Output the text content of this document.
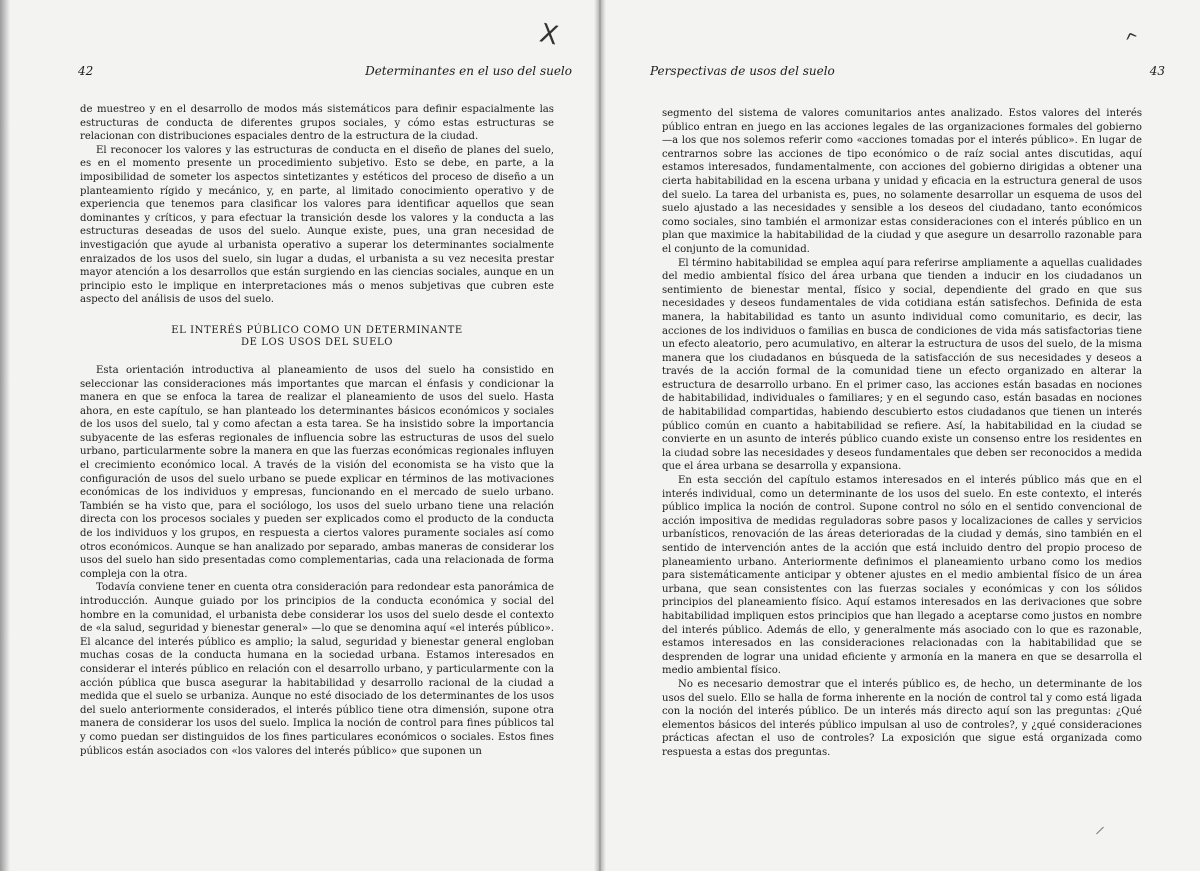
X	^
42	Determinantes en el uso del suelo

de muestreo y en el desarrollo de modos más sistemáticos para definir espacialmente las estructuras de conducta de diferentes grupos sociales, y cómo estas estructuras se relacionan con distribuciones espaciales dentro de la estructura de la ciudad.

El reconocer los valores y las estructuras de conducta en el diseño de planes del suelo, es en el momento presente un procedimiento subjetivo. Esto se debe, en parte, a la imposibilidad de someter los aspectos sintetizantes y estéticos del proceso de diseño a un planteamiento rígido y mecánico, y, en parte, al limitado conocimiento operativo y de experiencia que tenemos para clasificar los valores para identificar aquellos que sean dominantes y críticos, y para efectuar la transición desde los valores y la conducta a las estructuras deseadas de usos del suelo. Aunque existe, pues, una gran necesidad de investigación que ayude al urbanista operativo a superar los determinantes socialmente enraizados de los usos del suelo, sin lugar a dudas, el urbanista a su vez necesita prestar mayor atención a los desarrollos que están surgiendo en las ciencias sociales, aunque en un principio esto le implique en interpretaciones más o menos subjetivas que cubren este aspecto del análisis de usos del suelo.

EL INTERÉS PÚBLICO COMO UN DETERMINANTE
DE LOS USOS DEL SUELO

Esta orientación introductiva al planeamiento de usos del suelo ha consistido en seleccionar las consideraciones más importantes que marcan el énfasis y condicionar la manera en que se enfoca la tarea de realizar el planeamiento de usos del suelo. Hasta ahora, en este capítulo, se han planteado los determinantes básicos económicos y sociales de los usos del suelo, tal y como afectan a esta tarea. Se ha insistido sobre la importancia subyacente de las esferas regionales de influencia sobre las estructuras de usos del suelo urbano, particularmente sobre la manera en que las fuerzas económicas regionales influyen el crecimiento económico local. A través de la visión del economista se ha visto que la configuración de usos del suelo urbano se puede explicar en términos de las motivaciones económicas de los individuos y empresas, funcionando en el mercado de suelo urbano. También se ha visto que, para el sociólogo, los usos del suelo urbano tiene una relación directa con los procesos sociales y pueden ser explicados como el producto de la conducta de los individuos y los grupos, en respuesta a ciertos valores puramente sociales así como otros económicos. Aunque se han analizado por separado, ambas maneras de considerar los usos del suelo han sido presentadas como complementarias, cada una relacionada de forma compleja con la otra.

Todavía conviene tener en cuenta otra consideración para redondear esta panorámica de introducción. Aunque guiado por los principios de la conducta económica y social del hombre en la comunidad, el urbanista debe considerar los usos del suelo desde el contexto de «la salud, seguridad y bienestar general» —lo que se denomina aquí «el interés público». El alcance del interés público es amplio; la salud, seguridad y bienestar general engloban muchas cosas de la conducta humana en la sociedad urbana. Estamos interesados en considerar el interés público en relación con el desarrollo urbano, y particularmente con la acción pública que busca asegurar la habitabilidad y desarrollo racional de la ciudad a medida que el suelo se urbaniza. Aunque no esté disociado de los determinantes de los usos del suelo anteriormente considerados, el interés público tiene otra dimensión, supone otra manera de considerar los usos del suelo. Implica la noción de control para fines públicos tal y como puedan ser distinguidos de los fines particulares económicos o sociales. Estos fines públicos están asociados con «los valores del interés público» que suponen un

Perspectivas de usos del suelo	43

segmento del sistema de valores comunitarios antes analizado. Estos valores del interés público entran en juego en las acciones legales de las organizaciones formales del gobierno —a los que nos solemos referir como «acciones tomadas por el interés público». En lugar de centrarnos sobre las acciones de tipo económico o de raíz social antes discutidas, aquí estamos interesados, fundamentalmente, con acciones del gobierno dirigidas a obtener una cierta habitabilidad en la escena urbana y unidad y eficacia en la estructura general de usos del suelo. La tarea del urbanista es, pues, no solamente desarrollar un esquema de usos del suelo ajustado a las necesidades y sensible a los deseos del ciudadano, tanto económicos como sociales, sino también el armonizar estas consideraciones con el interés público en un plan que maximice la habitabilidad de la ciudad y que asegure un desarrollo razonable para el conjunto de la comunidad.

El término habitabilidad se emplea aquí para referirse ampliamente a aquellas cualidades del medio ambiental físico del área urbana que tienden a inducir en los ciudadanos un sentimiento de bienestar mental, físico y social, dependiente del grado en que sus necesidades y deseos fundamentales de vida cotidiana están satisfechos. Definida de esta manera, la habitabilidad es tanto un asunto individual como comunitario, es decir, las acciones de los individuos o familias en busca de condiciones de vida más satisfactorias tiene un efecto aleatorio, pero acumulativo, en alterar la estructura de usos del suelo, de la misma manera que los ciudadanos en búsqueda de la satisfacción de sus necesidades y deseos a través de la acción formal de la comunidad tiene un efecto organizado en alterar la estructura de desarrollo urbano. En el primer caso, las acciones están basadas en nociones de habitabilidad, individuales o familiares; y en el segundo caso, están basadas en nociones de habitabilidad compartidas, habiendo descubierto estos ciudadanos que tienen un interés público común en cuanto a habitabilidad se refiere. Así, la habitabilidad en la ciudad se convierte en un asunto de interés público cuando existe un consenso entre los residentes en la ciudad sobre las necesidades y deseos fundamentales que deben ser reconocidos a medida que el área urbana se desarrolla y expansiona.

En esta sección del capítulo estamos interesados en el interés público más que en el interés individual, como un determinante de los usos del suelo. En este contexto, el interés público implica la noción de control. Supone control no sólo en el sentido convencional de acción impositiva de medidas reguladoras sobre pasos y localizaciones de calles y servicios urbanísticos, renovación de las áreas deterioradas de la ciudad y demás, sino también en el sentido de intervención antes de la acción que está incluido dentro del propio proceso de planeamiento urbano. Anteriormente definimos el planeamiento urbano como los medios para sistemáticamente anticipar y obtener ajustes en el medio ambiental físico de un área urbana, que sean consistentes con las fuerzas sociales y económicas y con los sólidos principios del planeamiento físico. Aquí estamos interesados en las derivaciones que sobre habitabilidad impliquen estos principios que han llegado a aceptarse como justos en nombre del interés público. Además de ello, y generalmente más asociado con lo que es razonable, estamos interesados en las consideraciones relacionadas con la habitabilidad que se desprenden de lograr una unidad eficiente y armonía en la manera en que se desarrolla el medio ambiental físico.

No es necesario demostrar que el interés público es, de hecho, un determinante de los usos del suelo. Ello se halla de forma inherente en la noción de control tal y como está ligada con la noción del interés público. De un interés más directo aquí son las preguntas: ¿Qué elementos básicos del interés público impulsan al uso de controles?, y ¿qué consideraciones prácticas afectan el uso de controles? La exposición que sigue está organizada como respuesta a estas dos preguntas.
